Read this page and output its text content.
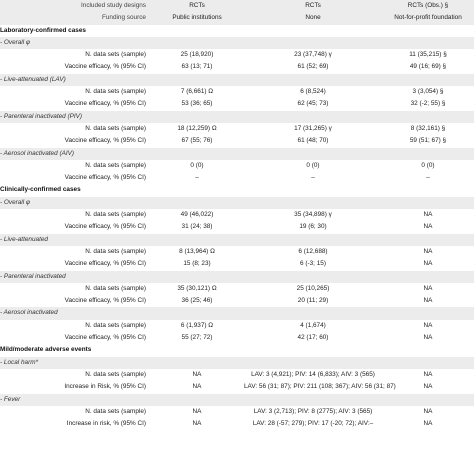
Included study designs	RCTs	RCTs	RCTs (Obs.) §
Funding source	Public institutions	None	Not-for-profit foundation
Laboratory-confirmed cases
- Overall φ
N. data sets (sample)	25 (18,920)	23 (37,748) γ	11 (35,215) §
Vaccine efficacy, % (95% CI)	63 (13; 71)	61 (52; 69)	49 (16; 69) §
- Live-attenuated (LAV)
N. data sets (sample)	7 (6,661) Ω	6 (8,524)	3 (3,054) §
Vaccine efficacy, % (95% CI)	53 (36; 65)	62 (45; 73)	32 (-2; 55) §
- Parenteral inactivated (PIV)
N. data sets (sample)	18 (12,259) Ω	17 (31,265) γ	8 (32,161) §
Vaccine efficacy, % (95% CI)	67 (55; 76)	61 (48; 70)	59 (51; 67) §
- Aerosol inactivated (AIV)
N. data sets (sample)	0 (0)	0 (0)	0 (0)
Vaccine efficacy, % (95% CI)	–	–	–
Clinically-confirmed cases
- Overall φ
N. data sets (sample)	49 (46,022)	35 (34,898) γ	NA
Vaccine efficacy, % (95% CI)	31 (24; 38)	19 (6; 30)	NA
- Live-attenuated
N. data sets (sample)	8 (13,964) Ω	6 (12,688)	NA
Vaccine efficacy, % (95% CI)	15 (8; 23)	6 (-3; 15)	NA
- Parenteral inactivated
N. data sets (sample)	35 (30,121) Ω	25 (10,265)	NA
Vaccine efficacy, % (95% CI)	36 (25; 46)	20 (11; 29)	NA
- Aerosol inactivated
N. data sets (sample)	6 (1,937) Ω	4 (1,674)	NA
Vaccine efficacy, % (95% CI)	55 (27; 72)	42 (17; 60)	NA
Mild/moderate adverse events
- Local harm*
N. data sets (sample)	NA	LAV: 3 (4,921); PIV: 14 (6,833); AIV: 3 (565)	NA
Increase in Risk, % (95% CI)	NA	LAV: 56 (31; 87); PIV: 211 (108; 367); AIV: 56 (31; 87)	NA
- Fever
N. data sets (sample)	NA	LAV: 3 (2,713); PIV: 8 (2775); AIV: 3 (565)	NA
Increase in risk, % (95% CI)	NA	LAV: 28 (-57; 279); PIV: 17 (-20; 72); AIV:–	NA
